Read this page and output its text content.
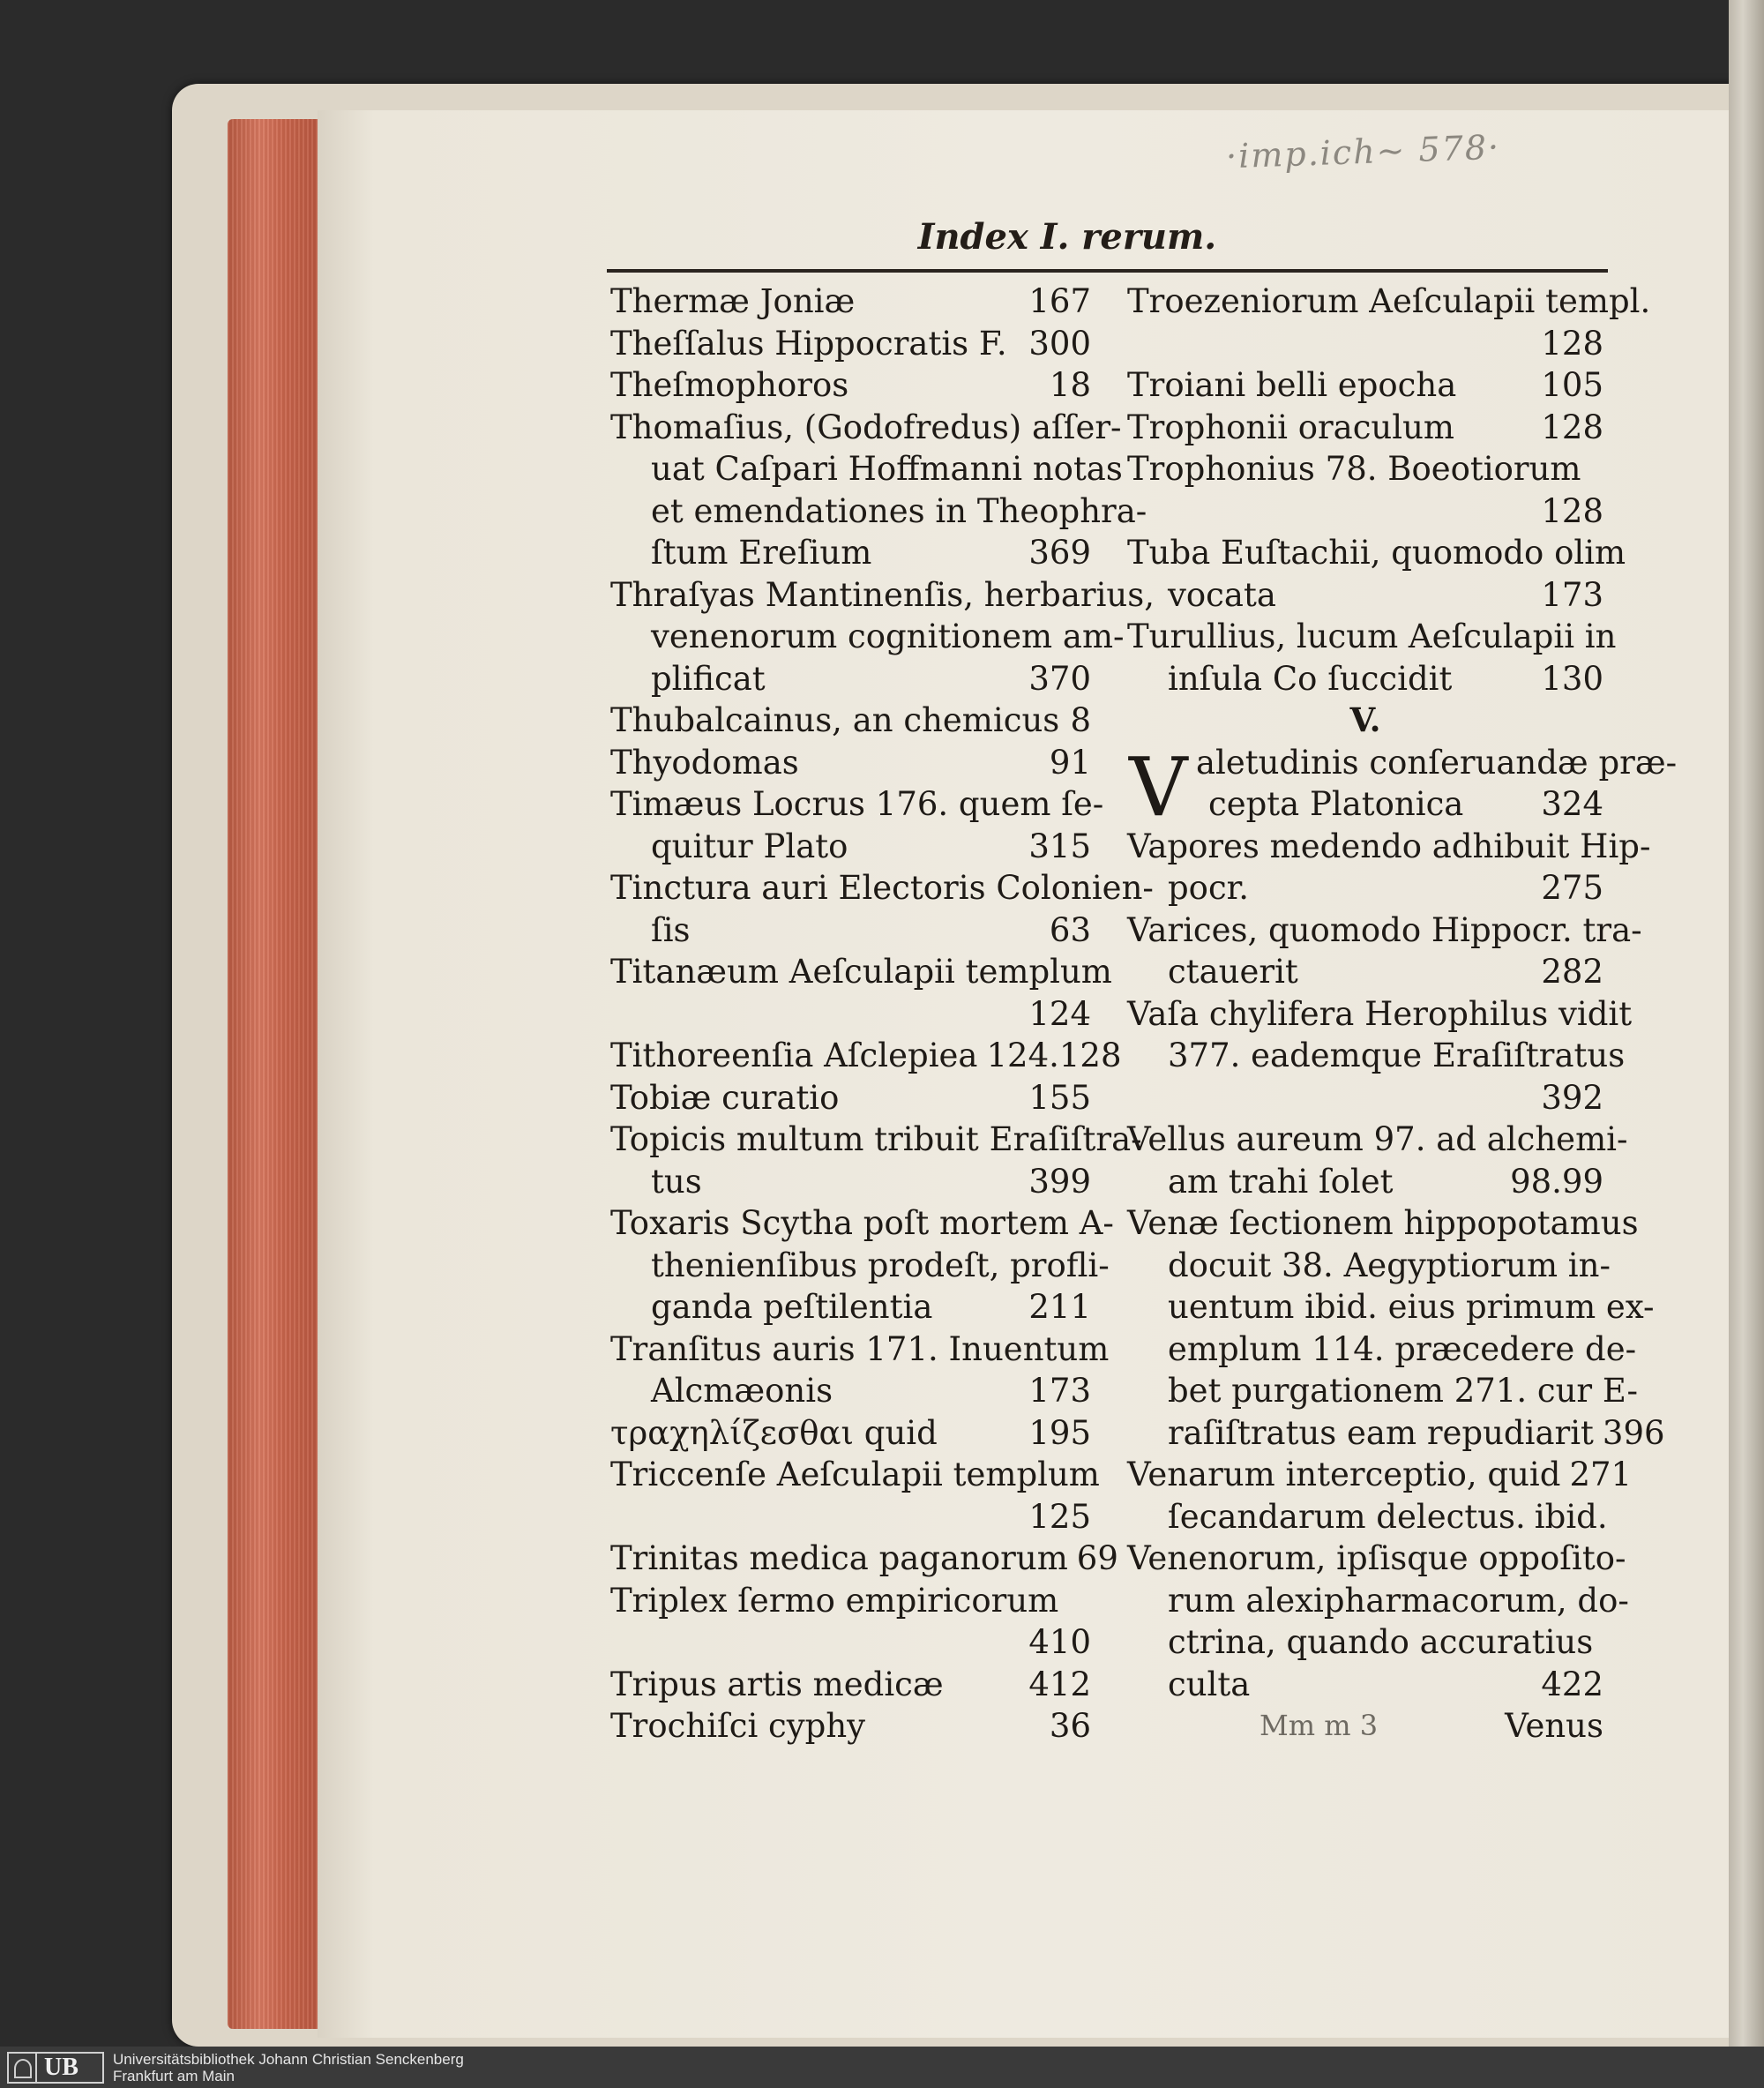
·imp.ich~ 578·
Index I. rerum.
Thermæ Joniæ	167
Theſſalus Hippocratis F. 300
Theſmophoros	18
Thomaſius, (Godofredus) aſſer-
uat Caſpari Hoffmanni notas
et emendationes in Theophra-
ſtum Ereſium	369
Thraſyas Mantinenſis, herbarius,
venenorum cognitionem am-
plificat	370
Thubalcainus, an chemicus 8
Thyodomas	91
Timæus Locrus 176. quem ſe-
quitur Plato	315
Tinctura auri Electoris Colonien-
ſis	63
Titanæum Aeſculapii templum
124
Tithoreenſia Aſclepiea 124.128
Tobiæ curatio	155
Topicis multum tribuit Eraſiſtra-
tus	399
Toxaris Scytha poſt mortem A-
thenienſibus prodeſt, profli-
ganda peſtilentia	211
Tranſitus auris 171. Inuentum
Alcmæonis	173
τραχηλίζεσθαι quid	195
Triccenſe Aeſculapii templum
125
Trinitas medica paganorum 69
Triplex ſermo empiricorum
410
Tripus artis medicæ	412
Trochiſci cyphy	36
Troezeniorum Aeſculapii templ.
128
Troiani belli epocha	105
Trophonii oraculum	128
Trophonius 78. Boeotiorum
128
Tuba Euſtachii, quomodo olim
vocata	173
Turullius, lucum Aeſculapii in
inſula Co ſuccidit	130
V.
V aletudinis conſeruandæ præ-
cepta Platonica 324
Vapores medendo adhibuit Hip-
pocr.	275
Varices, quomodo Hippocr. tra-
ctauerit	282
Vaſa chylifera Herophilus vidit
377. eademque Eraſiſtratus
392
Vellus aureum 97. ad alchemi-
am trahi ſolet	98.99
Venæ ſectionem hippopotamus
docuit 38. Aegyptiorum in-
uentum ibid. eius primum ex-
emplum 114. præcedere de-
bet purgationem 271. cur E-
raſiſtratus eam repudiarit 396
Venarum interceptio, quid 271
ſecandarum delectus. ibid.
Venenorum, ipſisque oppoſito-
rum alexipharmacorum, do-
ctrina, quando accuratius
culta	422
Mm m 3	Venus
UB Universitätsbibliothek Johann Christian Senckenberg
Frankfurt am Main
